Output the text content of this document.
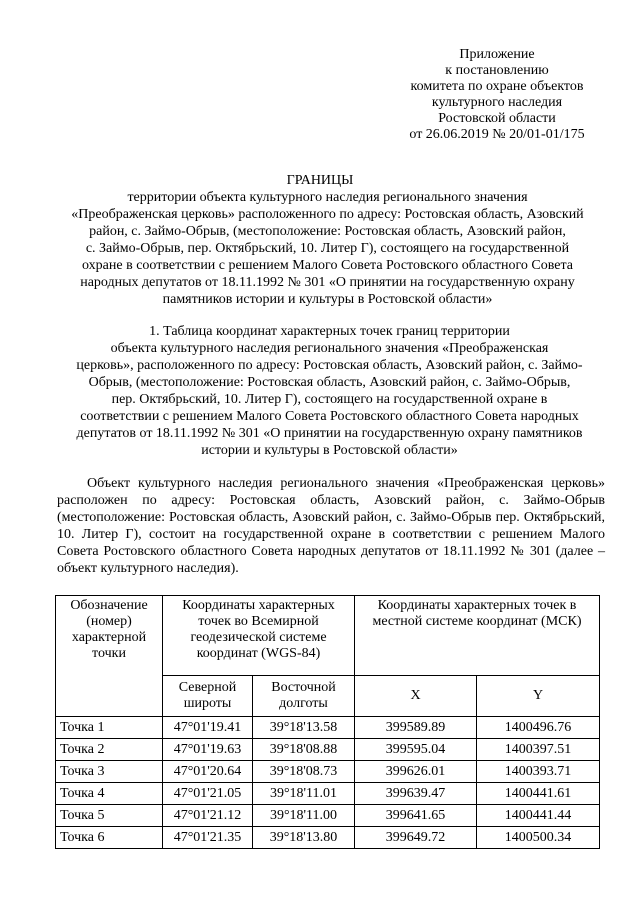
Приложение
к постановлению
комитета по охране объектов
культурного наследия
Ростовской области
от 26.06.2019 № 20/01-01/175
ГРАНИЦЫ
территории объекта культурного наследия регионального значения
«Преображенская церковь» расположенного по адресу: Ростовская область, Азовский
район, с. Займо-Обрыв, (местоположение: Ростовская область, Азовский район,
с. Займо-Обрыв, пер. Октябрьский, 10. Литер Г), состоящего на государственной
охране в соответствии с решением Малого Совета Ростовского областного Совета
народных депутатов от 18.11.1992 № 301 «О принятии на государственную охрану
памятников истории и культуры в Ростовской области»
1. Таблица координат характерных точек границ территории
объекта культурного наследия регионального значения «Преображенская
церковь», расположенного по адресу: Ростовская область, Азовский район, с. Займо-
Обрыв, (местоположение: Ростовская область, Азовский район, с. Займо-Обрыв,
пер. Октябрьский, 10. Литер Г), состоящего на государственной охране в
соответствии с решением Малого Совета Ростовского областного Совета народных
депутатов от 18.11.1992 № 301 «О принятии на государственную охрану памятников
истории и культуры в Ростовской области»
Объект культурного наследия регионального значения «Преображенская церковь» расположен по адресу: Ростовская область, Азовский район, с. Займо-Обрыв (местоположение: Ростовская область, Азовский район, с. Займо-Обрыв пер. Октябрьский, 10. Литер Г), состоит на государственной охране в соответствии с решением Малого Совета Ростовского областного Совета народных депутатов от 18.11.1992 № 301 (далее – объект культурного наследия).
Обозначение (номер) характерной точки	Координаты характерных точек во Всемирной геодезической системе координат (WGS-84)		Координаты характерных точек в местной системе координат (МСК)	
	Северной широты	Восточной долготы	X	Y
Точка 1	47°01'19.41	39°18'13.58	399589.89	1400496.76
Точка 2	47°01'19.63	39°18'08.88	399595.04	1400397.51
Точка 3	47°01'20.64	39°18'08.73	399626.01	1400393.71
Точка 4	47°01'21.05	39°18'11.01	399639.47	1400441.61
Точка 5	47°01'21.12	39°18'11.00	399641.65	1400441.44
Точка 6	47°01'21.35	39°18'13.80	399649.72	1400500.34
